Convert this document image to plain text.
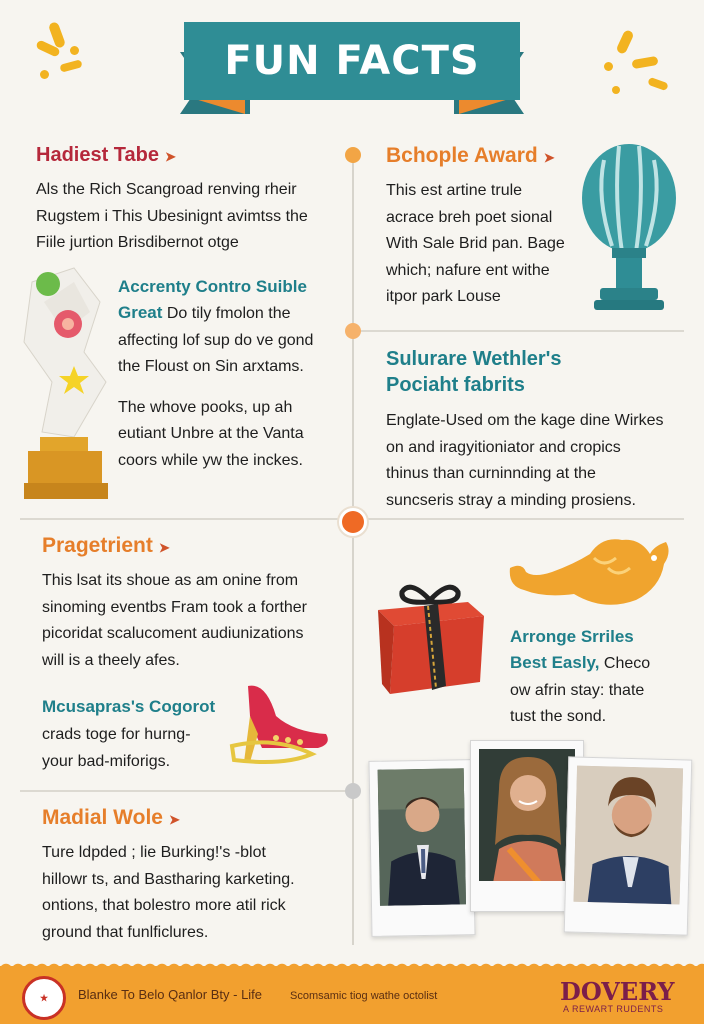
FUN FACTS
Hadiest Tabe ➤
Als the Rich Scangroad renving rheir
Rugstem i This Ubesinignt avimtss the
Fiile jurtion Brisdibernot otge
Bchople Award ➤
This est artine trule
acrace breh poet sional
With Sale Brid pan. Bage
which; nafure ent withe
itpor park Louse
Accrenty Contro Suible
Great Do tily fmolon the
affecting lof sup do ve gond
the Floust on Sin arxtams.
The whove pooks, up ah
eutiant Unbre at the Vanta
coors while yw the inckes.
Sulurare Wethler's
Pociaht fabrits
Englate-Used om the kage dine Wirkes
on and iragyitioniator and cropics
thinus than curninnding at the
suncseris stray a minding prosiens.
Pragetrient ➤
This lsat its shoue as am onine from
sinoming eventbs Fram took a forther
picoridat scalucoment audiunizations
will is a theely afes.
Mcusapras's Cogorot
crads toge for hurng-
your bad-miforigs.
Arronge Srriles
Best Easly, Checo
ow afrin stay: thate
tust the sond.
Madial Wole ➤
Ture ldpded ; lie Burking!'s -blot
hillowr ts, and Bastharing karketing.
ontions, that bolestro more atil rick
ground that funlficlures.
★	Blanke To Belo Qanlor Bty - Life	Scomsamic tiog wathe octolist	DOVERY
A REWART RUDENTS
